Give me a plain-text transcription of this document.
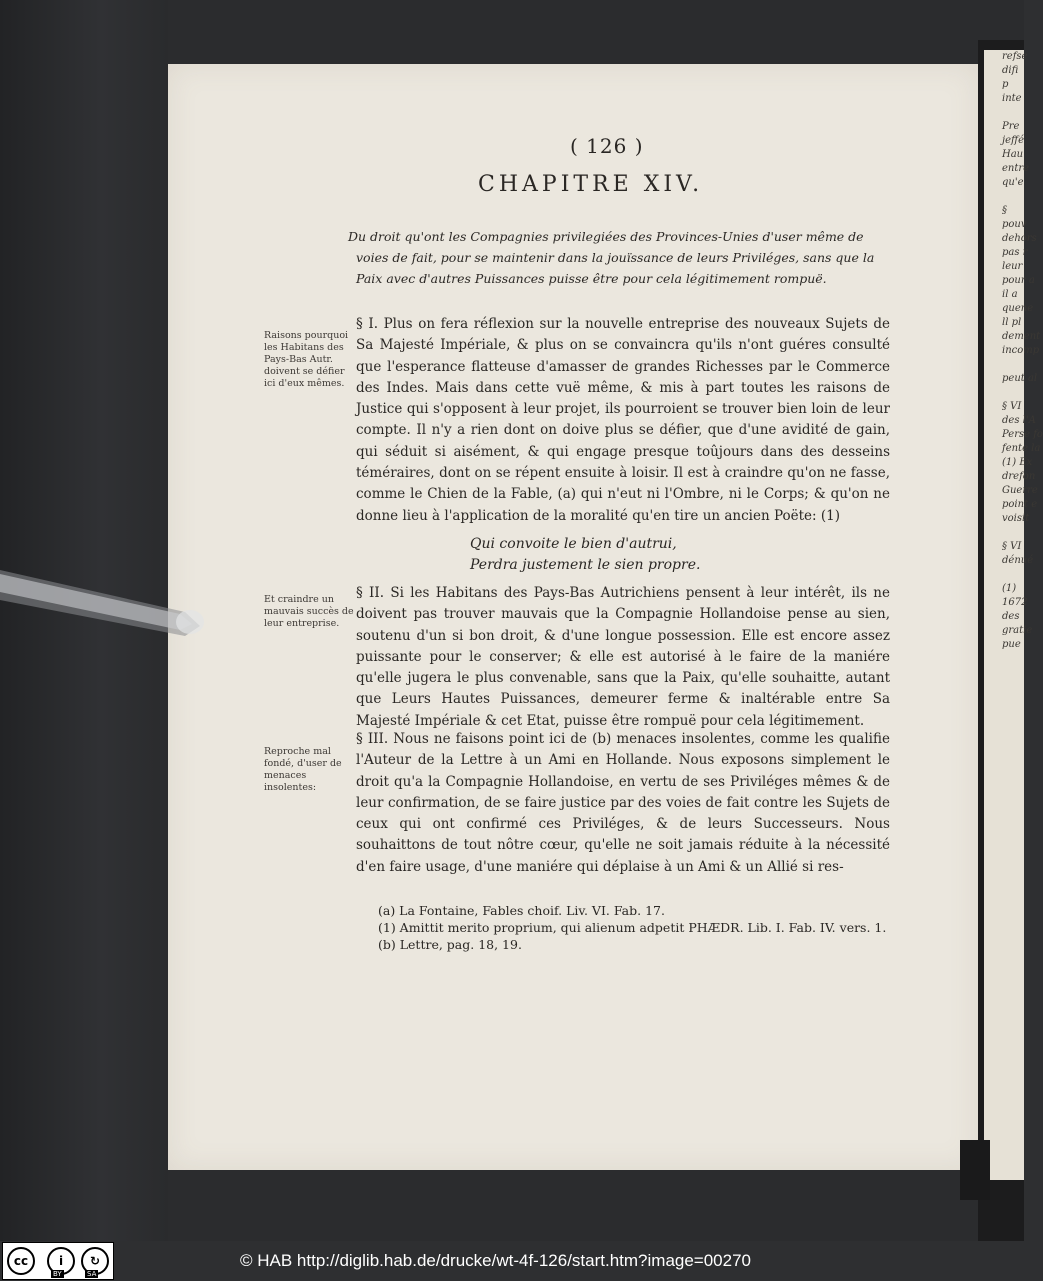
refse
difi
p
inte

Pre
jeffé
Hau
entre
qu'e

§
pouv
dehors
pas r
leur
pour a
il a
quene
ll pl
dement
incomp

peut al

§ VI
des l'A
Perse fo
fente la
(1) Ex
drefon
Guerre
point e
voisit

§ VI
dénué

(1)
1672
des
gratie
pue
( 126 )
CHAPITRE XIV.
Du droit qu'ont les Compagnies privilegiées des Provinces-Unies d'user même de voies de fait, pour se maintenir dans la jouïssance de leurs Priviléges, sans que la Paix avec d'autres Puissances puisse être pour cela légitimement rompuë.
Raisons pourquoi les Habitans des Pays-Bas Autr. doivent se défier ici d'eux mêmes.
§ I. Plus on fera réflexion sur la nouvelle entreprise des nouveaux Sujets de Sa Majesté Impériale, & plus on se convaincra qu'ils n'ont guéres consulté que l'esperance flatteuse d'amasser de grandes Richesses par le Commerce des Indes. Mais dans cette vuë même, & mis à part toutes les raisons de Justice qui s'opposent à leur projet, ils pourroient se trouver bien loin de leur compte. Il n'y a rien dont on doive plus se défier, que d'une avidité de gain, qui séduit si aisément, & qui engage presque toûjours dans des desseins téméraires, dont on se répent ensuite à loisir. Il est à craindre qu'on ne fasse, comme le Chien de la Fable, (a) qui n'eut ni l'Ombre, ni le Corps; & qu'on ne donne lieu à l'application de la moralité qu'en tire un ancien Poëte: (1)
Qui convoite le bien d'autrui,
Perdra justement le sien propre.
Et craindre un mauvais succès de leur entreprise.
§ II. Si les Habitans des Pays-Bas Autrichiens pensent à leur intérêt, ils ne doivent pas trouver mauvais que la Compagnie Hollandoise pense au sien, soutenu d'un si bon droit, & d'une longue possession. Elle est encore assez puissante pour le conserver; & elle est autorisé à le faire de la maniére qu'elle jugera le plus convenable, sans que la Paix, qu'elle souhaitte, autant que Leurs Hautes Puissances, demeurer ferme & inaltérable entre Sa Majesté Impériale & cet Etat, puisse être rompuë pour cela légitimement.
Reproche mal fondé, d'user de menaces insolentes:
§ III. Nous ne faisons point ici de (b) menaces insolentes, comme les qualifie l'Auteur de la Lettre à un Ami en Hollande. Nous exposons simplement le droit qu'a la Compagnie Hollandoise, en vertu de ses Priviléges mêmes & de leur confirmation, de se faire justice par des voies de fait contre les Sujets de ceux qui ont confirmé ces Priviléges, & de leurs Successeurs. Nous souhaittons de tout nôtre cœur, qu'elle ne soit jamais réduite à la nécessité d'en faire usage, d'une maniére qui déplaise à un Ami & un Allié si res-
(a) La Fontaine, Fables choif. Liv. VI. Fab. 17.
(1) Amittit merito proprium, qui alienum adpetit PHÆDR. Lib. I. Fab. IV. vers. 1.
(b) Lettre, pag. 18, 19.
cc	i	↻
BY	SA
© HAB http://diglib.hab.de/drucke/wt-4f-126/start.htm?image=00270
